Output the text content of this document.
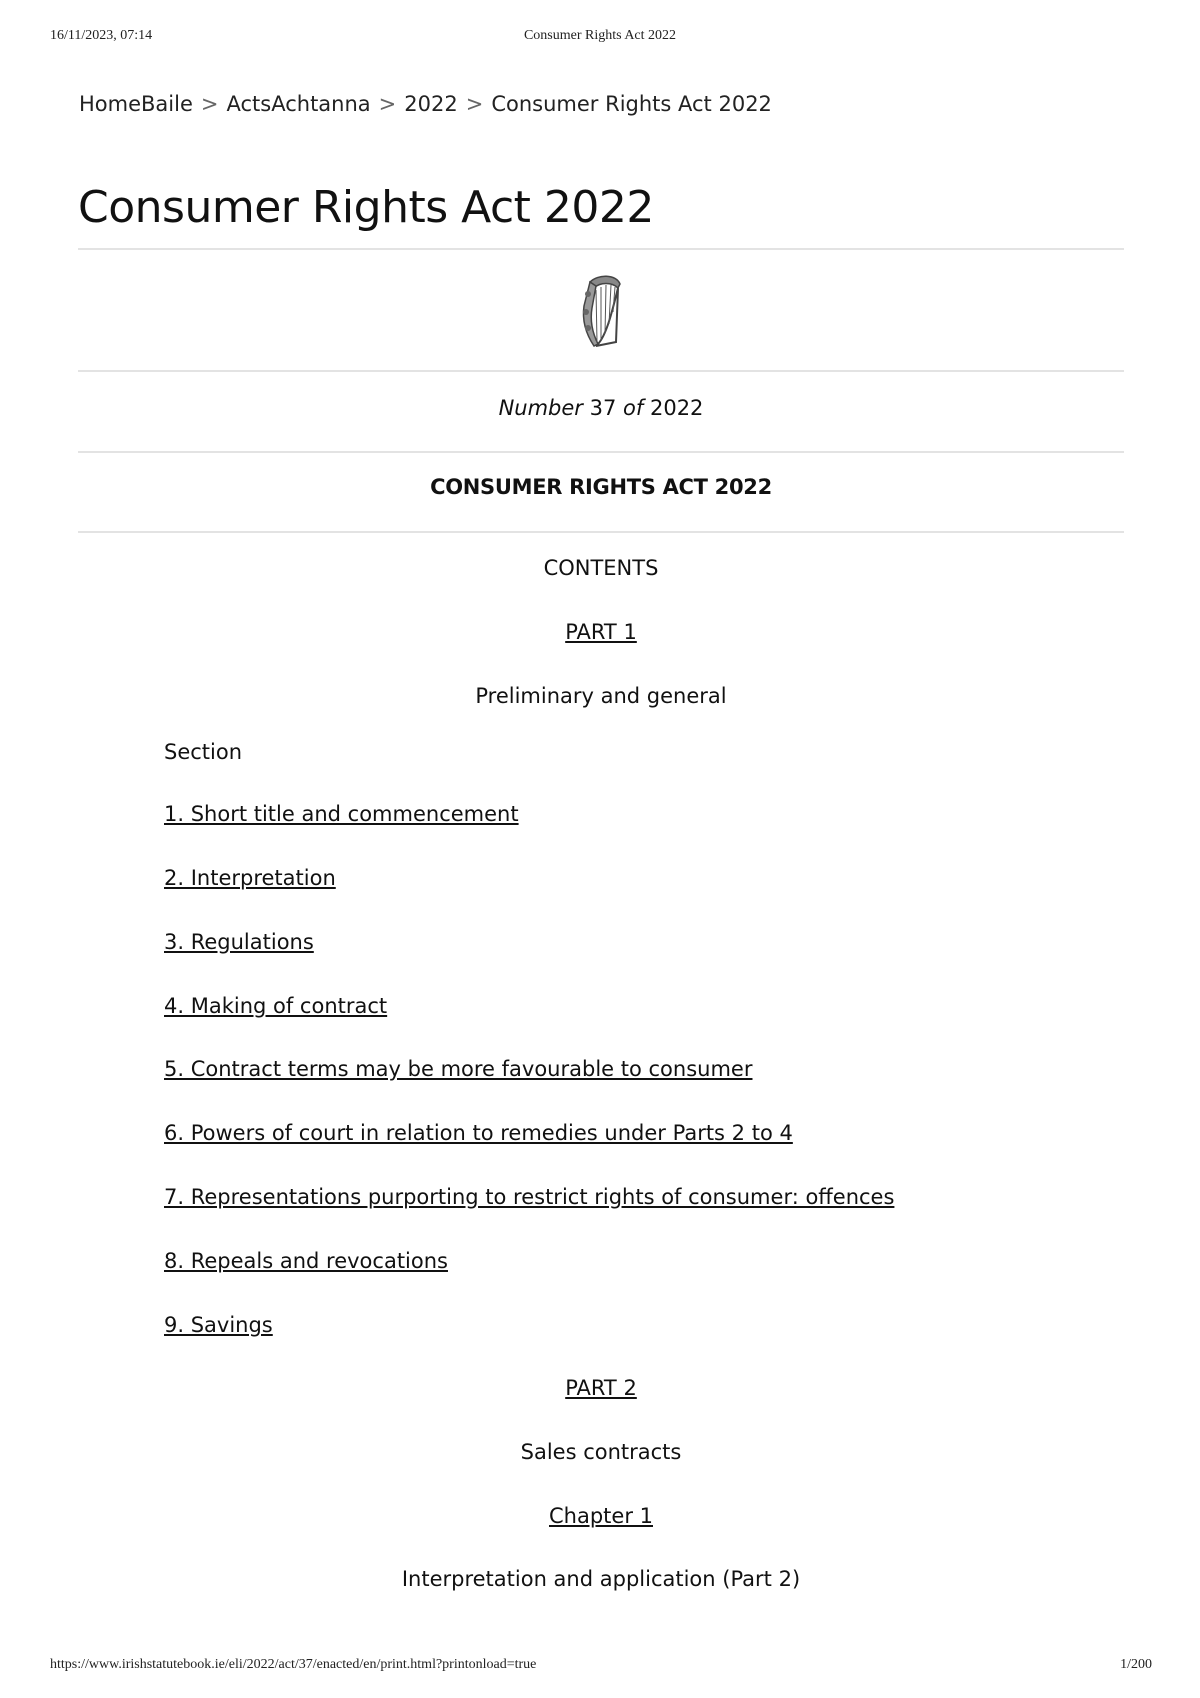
16/11/2023, 07:14	Consumer Rights Act 2022
HomeBaile > ActsAchtanna > 2022 > Consumer Rights Act 2022
Consumer Rights Act 2022
Number 37 of 2022
CONSUMER RIGHTS ACT 2022
CONTENTS
PART 1
Preliminary and general
Section
1. Short title and commencement
2. Interpretation
3. Regulations
4. Making of contract
5. Contract terms may be more favourable to consumer
6. Powers of court in relation to remedies under Parts 2 to 4
7. Representations purporting to restrict rights of consumer: offences
8. Repeals and revocations
9. Savings
PART 2
Sales contracts
Chapter 1
Interpretation and application (Part 2)
https://www.irishstatutebook.ie/eli/2022/act/37/enacted/en/print.html?printonload=true	1/200
